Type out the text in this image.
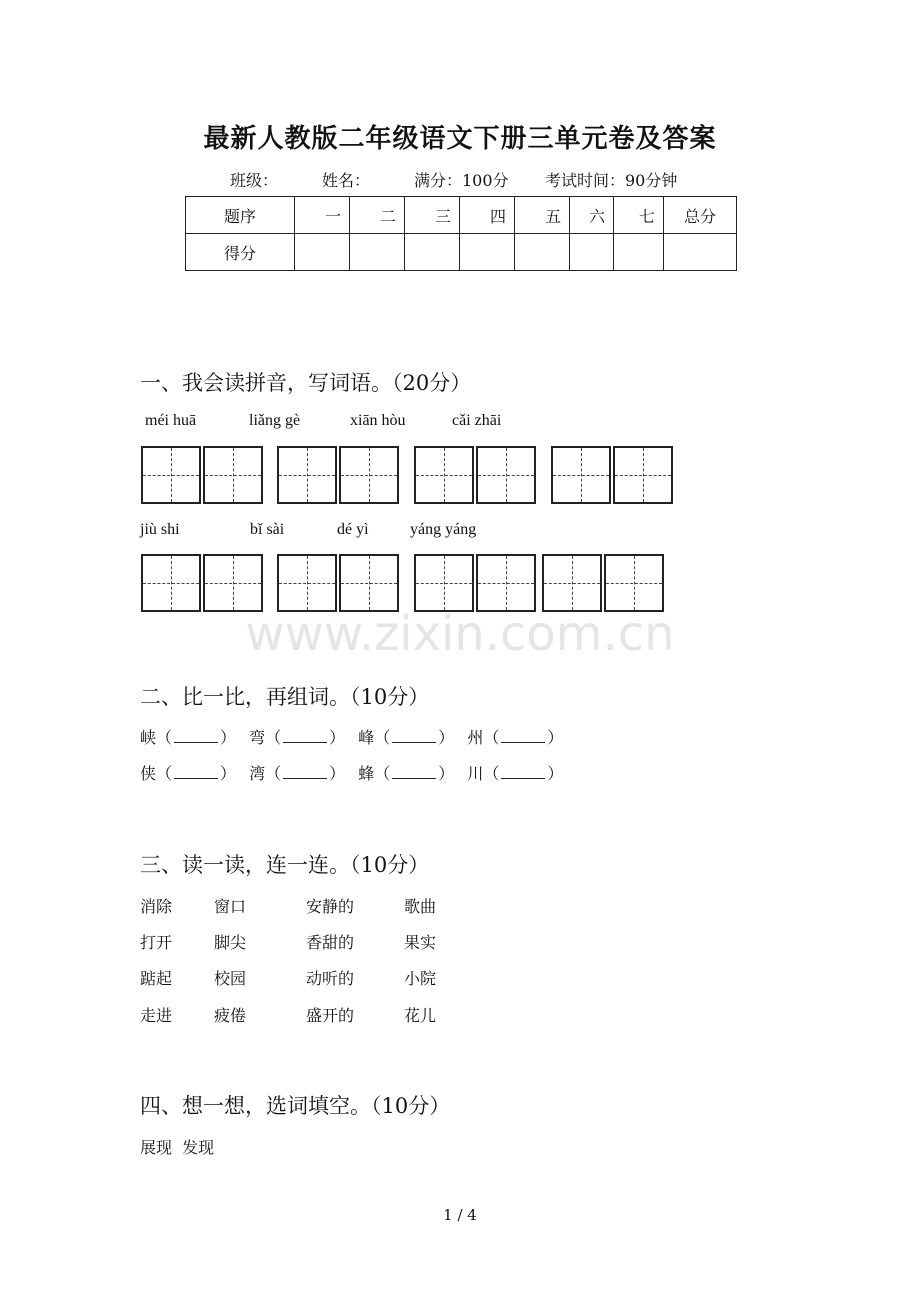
最新人教版二年级语文下册三单元卷及答案
班级：	姓名：	满分：100分 考试时间：90分钟
题序	一	二	三	四	五	六	七	总分
得分								
一、我会读拼音，写词语。（20分）
méi huā	liǎng gè	xiān hòu	cǎi zhāi
jiù shi	bǐ sài	dé yì	yáng yáng
www.zixin.com.cn
二、比一比，再组词。（10分）
峡（	） 弯（	） 峰（	） 州（	）
侠（	） 湾（	） 蜂（	） 川（	）
三、读一读，连一连。（10分）
消除	窗口	安静的	歌曲
打开	脚尖	香甜的	果实
踮起	校园	动听的	小院
走进	疲倦	盛开的	花儿
四、想一想，选词填空。（10分）
展现  发现
1 / 4
